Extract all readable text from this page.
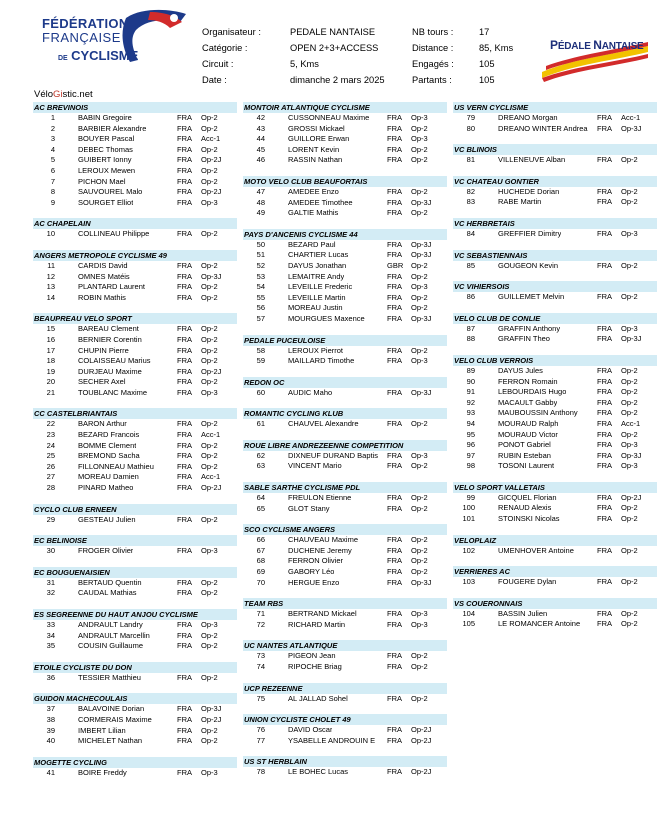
FÉDÉRATION
FRANÇAISE
DE CYCLISME
Organisateur :	PEDALE NANTAISE
Catégorie :	OPEN 2+3+ACCESS
Circuit :	5, Kms
Date :	dimanche 2 mars 2025
NB tours :	17
Distance :	85, Kms
Engagés :	105
Partants :	105
PÉDALE NANTAISE
VéloGistic.net
AC BREVINOIS
1	BABIN Gregoire	FRA Op-2
2	BARBIER Alexandre	FRA Op-2
3	BOUYER Pascal	FRA Acc-1
4	DEBEC Thomas	FRA Op-2
5	GUIBERT Ionny	FRA Op-2J
6	LEROUX Mewen	FRA Op-2
7	PICHON Mael	FRA Op-2
8	SAUVOUREL Malo	FRA Op-2J
9	SOURGET Elliot	FRA Op-3
AC CHAPELAIN
10	COLLINEAU Philippe	FRA Op-2
ANGERS METROPOLE CYCLISME 49
11	CARDIS David	FRA Op-2
12	OMNES Matéis	FRA Op-3J
13	PLANTARD Laurent	FRA Op-2
14	ROBIN Mathis	FRA Op-2
BEAUPREAU VELO SPORT
15	BAREAU Clement	FRA Op-2
16	BERNIER Corentin	FRA Op-2
17	CHUPIN Pierre	FRA Op-2
18	COLAISSEAU Marius	FRA Op-2
19	DURJEAU Maxime	FRA Op-2J
20	SECHER Axel	FRA Op-2
21	TOUBLANC Maxime	FRA Op-3
CC CASTELBRIANTAIS
22	BARON Arthur	FRA Op-2
23	BEZARD Francois	FRA Acc-1
24	BOMME Clement	FRA Op-2
25	BREMOND Sacha	FRA Op-2
26	FILLONNEAU Mathieu	FRA Op-2
27	MOREAU Damien	FRA Acc-1
28	PINARD Matheo	FRA Op-2J
CYCLO CLUB ERNEEN
29	GESTEAU Julien	FRA Op-2
EC BELINOISE
30	FROGER Olivier	FRA Op-3
EC BOUGUENAISIEN
31	BERTAUD Quentin	FRA Op-2
32	CAUDAL Mathias	FRA Op-2
ES SEGREENNE DU HAUT ANJOU CYCLISME
33	ANDRAULT Landry	FRA Op-3
34	ANDRAULT Marcellin	FRA Op-2
35	COUSIN Guillaume	FRA Op-2
ETOILE CYCLISTE DU DON
36	TESSIER Matthieu	FRA Op-2
GUIDON MACHECOULAIS
37	BALAVOINE Dorian	FRA Op-3J
38	CORMERAIS Maxime	FRA Op-2J
39	IMBERT Lilian	FRA Op-2
40	MICHELET Nathan	FRA Op-2
MOGETTE CYCLING
41	BOIRE Freddy	FRA Op-3
MONTOIR ATLANTIQUE CYCLISME
42	CUSSONNEAU Maxime FRA Op-3
43	GROSSI Mickael	FRA Op-2
44	GUILLORE Erwan	FRA Op-3
45	LORENT Kevin	FRA Op-2
46	RASSIN Nathan	FRA Op-2
MOTO VELO CLUB BEAUFORTAIS
47	AMEDEE Enzo	FRA Op-2
48	AMEDEE Timothee	FRA Op-3J
49	GALTIE Mathis	FRA Op-2
PAYS D'ANCENIS CYCLISME 44
50	BEZARD Paul	FRA Op-3J
51	CHARTIER Lucas	FRA Op-3J
52	DAYUS Jonathan	GBR Op-2
53	LEMAITRE Andy	FRA Op-2
54	LEVEILLE Frederic	FRA Op-3
55	LEVEILLE Martin	FRA Op-2
56	MOREAU Justin	FRA Op-2
57	MOURGUES Maxence	FRA Op-3J
PEDALE PUCEULOISE
58	LEROUX Pierrot	FRA Op-2
59	MAILLARD Timothe	FRA Op-3
REDON OC
60	AUDIC Maho	FRA Op-3J
ROMANTIC CYCLING KLUB
61	CHAUVEL Alexandre	FRA Op-2
ROUE LIBRE ANDREZEENNE COMPETITION
62	DIXNEUF DURAND Baptis FRA Op-3
63	VINCENT Mario	FRA Op-2
SABLE SARTHE CYCLISME PDL
64	FREULON Etienne	FRA Op-2
65	GLOT Stany	FRA Op-2
SCO CYCLISME ANGERS
66	CHAUVEAU Maxime	FRA Op-2
67	DUCHENE Jeremy	FRA Op-2
68	FERRON Olivier	FRA Op-2
69	GABORY Léo	FRA Op-2
70	HERGUE Enzo	FRA Op-3J
TEAM RBS
71	BERTRAND Mickael	FRA Op-3
72	RICHARD Martin	FRA Op-3
UC NANTES ATLANTIQUE
73	PIGEON Jean	FRA Op-2
74	RIPOCHE Briag	FRA Op-2
UCP REZEENNE
75	AL JALLAD Sohel	FRA Op-2
UNION CYCLISTE CHOLET 49
76	DAVID Oscar	FRA Op-2J
77	YSABELLE ANDROUIN E FRA Op-2J
US ST HERBLAIN
78	LE BOHEC Lucas	FRA Op-2J
US VERN CYCLISME
79	DREANO Morgan	FRA Acc-1
80	DREANO WINTER Andrea FRA Op-3J
VC BLINOIS
81	VILLENEUVE Alban	FRA Op-2
VC CHATEAU GONTIER
82	HUCHEDE Dorian	FRA Op-2
83	RABE Martin	FRA Op-2
VC HERBRETAIS
84	GREFFIER Dimitry	FRA Op-3
VC SEBASTIENNAIS
85	GOUGEON Kevin	FRA Op-2
VC VIHIERSOIS
86	GUILLEMET Melvin	FRA Op-2
VELO CLUB DE CONLIE
87	GRAFFIN Anthony	FRA Op-3
88	GRAFFIN Theo	FRA Op-3J
VELO CLUB VERROIS
89	DAYUS Jules	FRA Op-2
90	FERRON Romain	FRA Op-2
91	LEBOURDAIS Hugo	FRA Op-2
92	MACAULT Gabby	FRA Op-2
93	MAUBOUSSIN Anthony	FRA Op-2
94	MOURAUD Ralph	FRA Acc-1
95	MOURAUD Victor	FRA Op-2
96	PONOT Gabriel	FRA Op-3
97	RUBIN Esteban	FRA Op-3J
98	TOSONI Laurent	FRA Op-3
VELO SPORT VALLETAIS
99	GICQUEL Florian	FRA Op-2J
100	RENAUD Alexis	FRA Op-2
101	STOINSKI Nicolas	FRA Op-2
VELOPLAIZ
102	UMENHOVER Antoine	FRA Op-2
VERRIERES AC
103	FOUGERE Dylan	FRA Op-2
VS COUERONNAIS
104	BASSIN Julien	FRA Op-2
105	LE ROMANCER Antoine FRA Op-2
